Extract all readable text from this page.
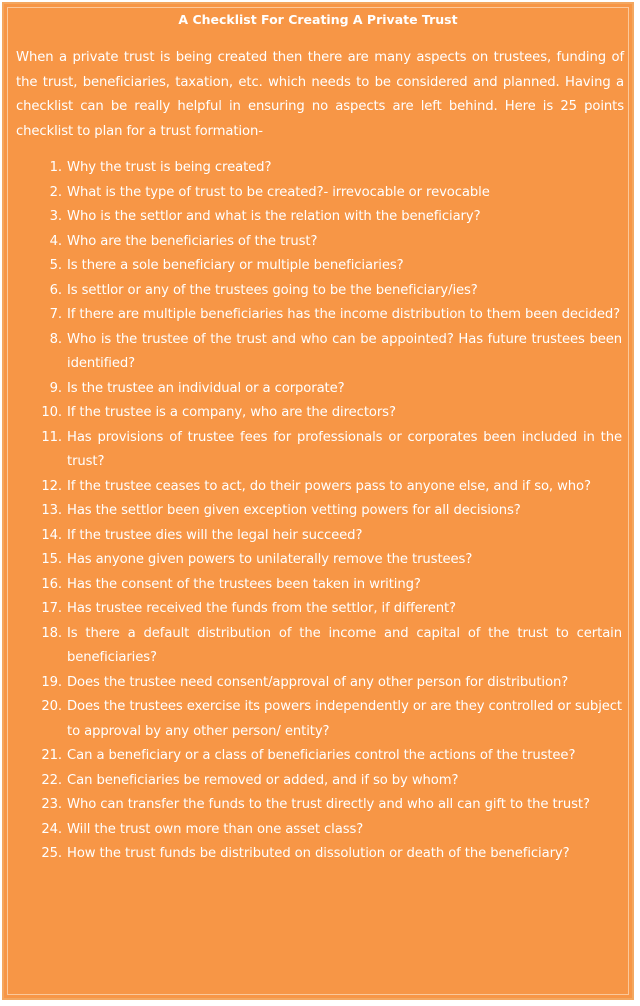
A Checklist For Creating A Private Trust
When a private trust is being created then there are many aspects on trustees, funding of the trust, beneficiaries, taxation, etc. which needs to be considered and planned. Having a checklist can be really helpful in ensuring no aspects are left behind. Here is 25 points checklist to plan for a trust formation-
1. Why the trust is being created?
2. What is the type of trust to be created?- irrevocable or revocable
3. Who is the settlor and what is the relation with the beneficiary?
4. Who are the beneficiaries of the trust?
5. Is there a sole beneficiary or multiple beneficiaries?
6. Is settlor or any of the trustees going to be the beneficiary/ies?
7. If there are multiple beneficiaries has the income distribution to them been decided?
8. Who is the trustee of the trust and who can be appointed? Has future trustees been identified?
9. Is the trustee an individual or a corporate?
10. If the trustee is a company, who are the directors?
11. Has provisions of trustee fees for professionals or corporates been included in the trust?
12. If the trustee ceases to act, do their powers pass to anyone else, and if so, who?
13. Has the settlor been given exception vetting powers for all decisions?
14. If the trustee dies will the legal heir succeed?
15. Has anyone given powers to unilaterally remove the trustees?
16. Has the consent of the trustees been taken in writing?
17. Has trustee received the funds from the settlor, if different?
18. Is there a default distribution of the income and capital of the trust to certain beneficiaries?
19. Does the trustee need consent/approval of any other person for distribution?
20. Does the trustees exercise its powers independently or are they controlled or subject to approval by any other person/ entity?
21. Can a beneficiary or a class of beneficiaries control the actions of the trustee?
22. Can beneficiaries be removed or added, and if so by whom?
23. Who can transfer the funds to the trust directly and who all can gift to the trust?
24. Will the trust own more than one asset class?
25. How the trust funds be distributed on dissolution or death of the beneficiary?
